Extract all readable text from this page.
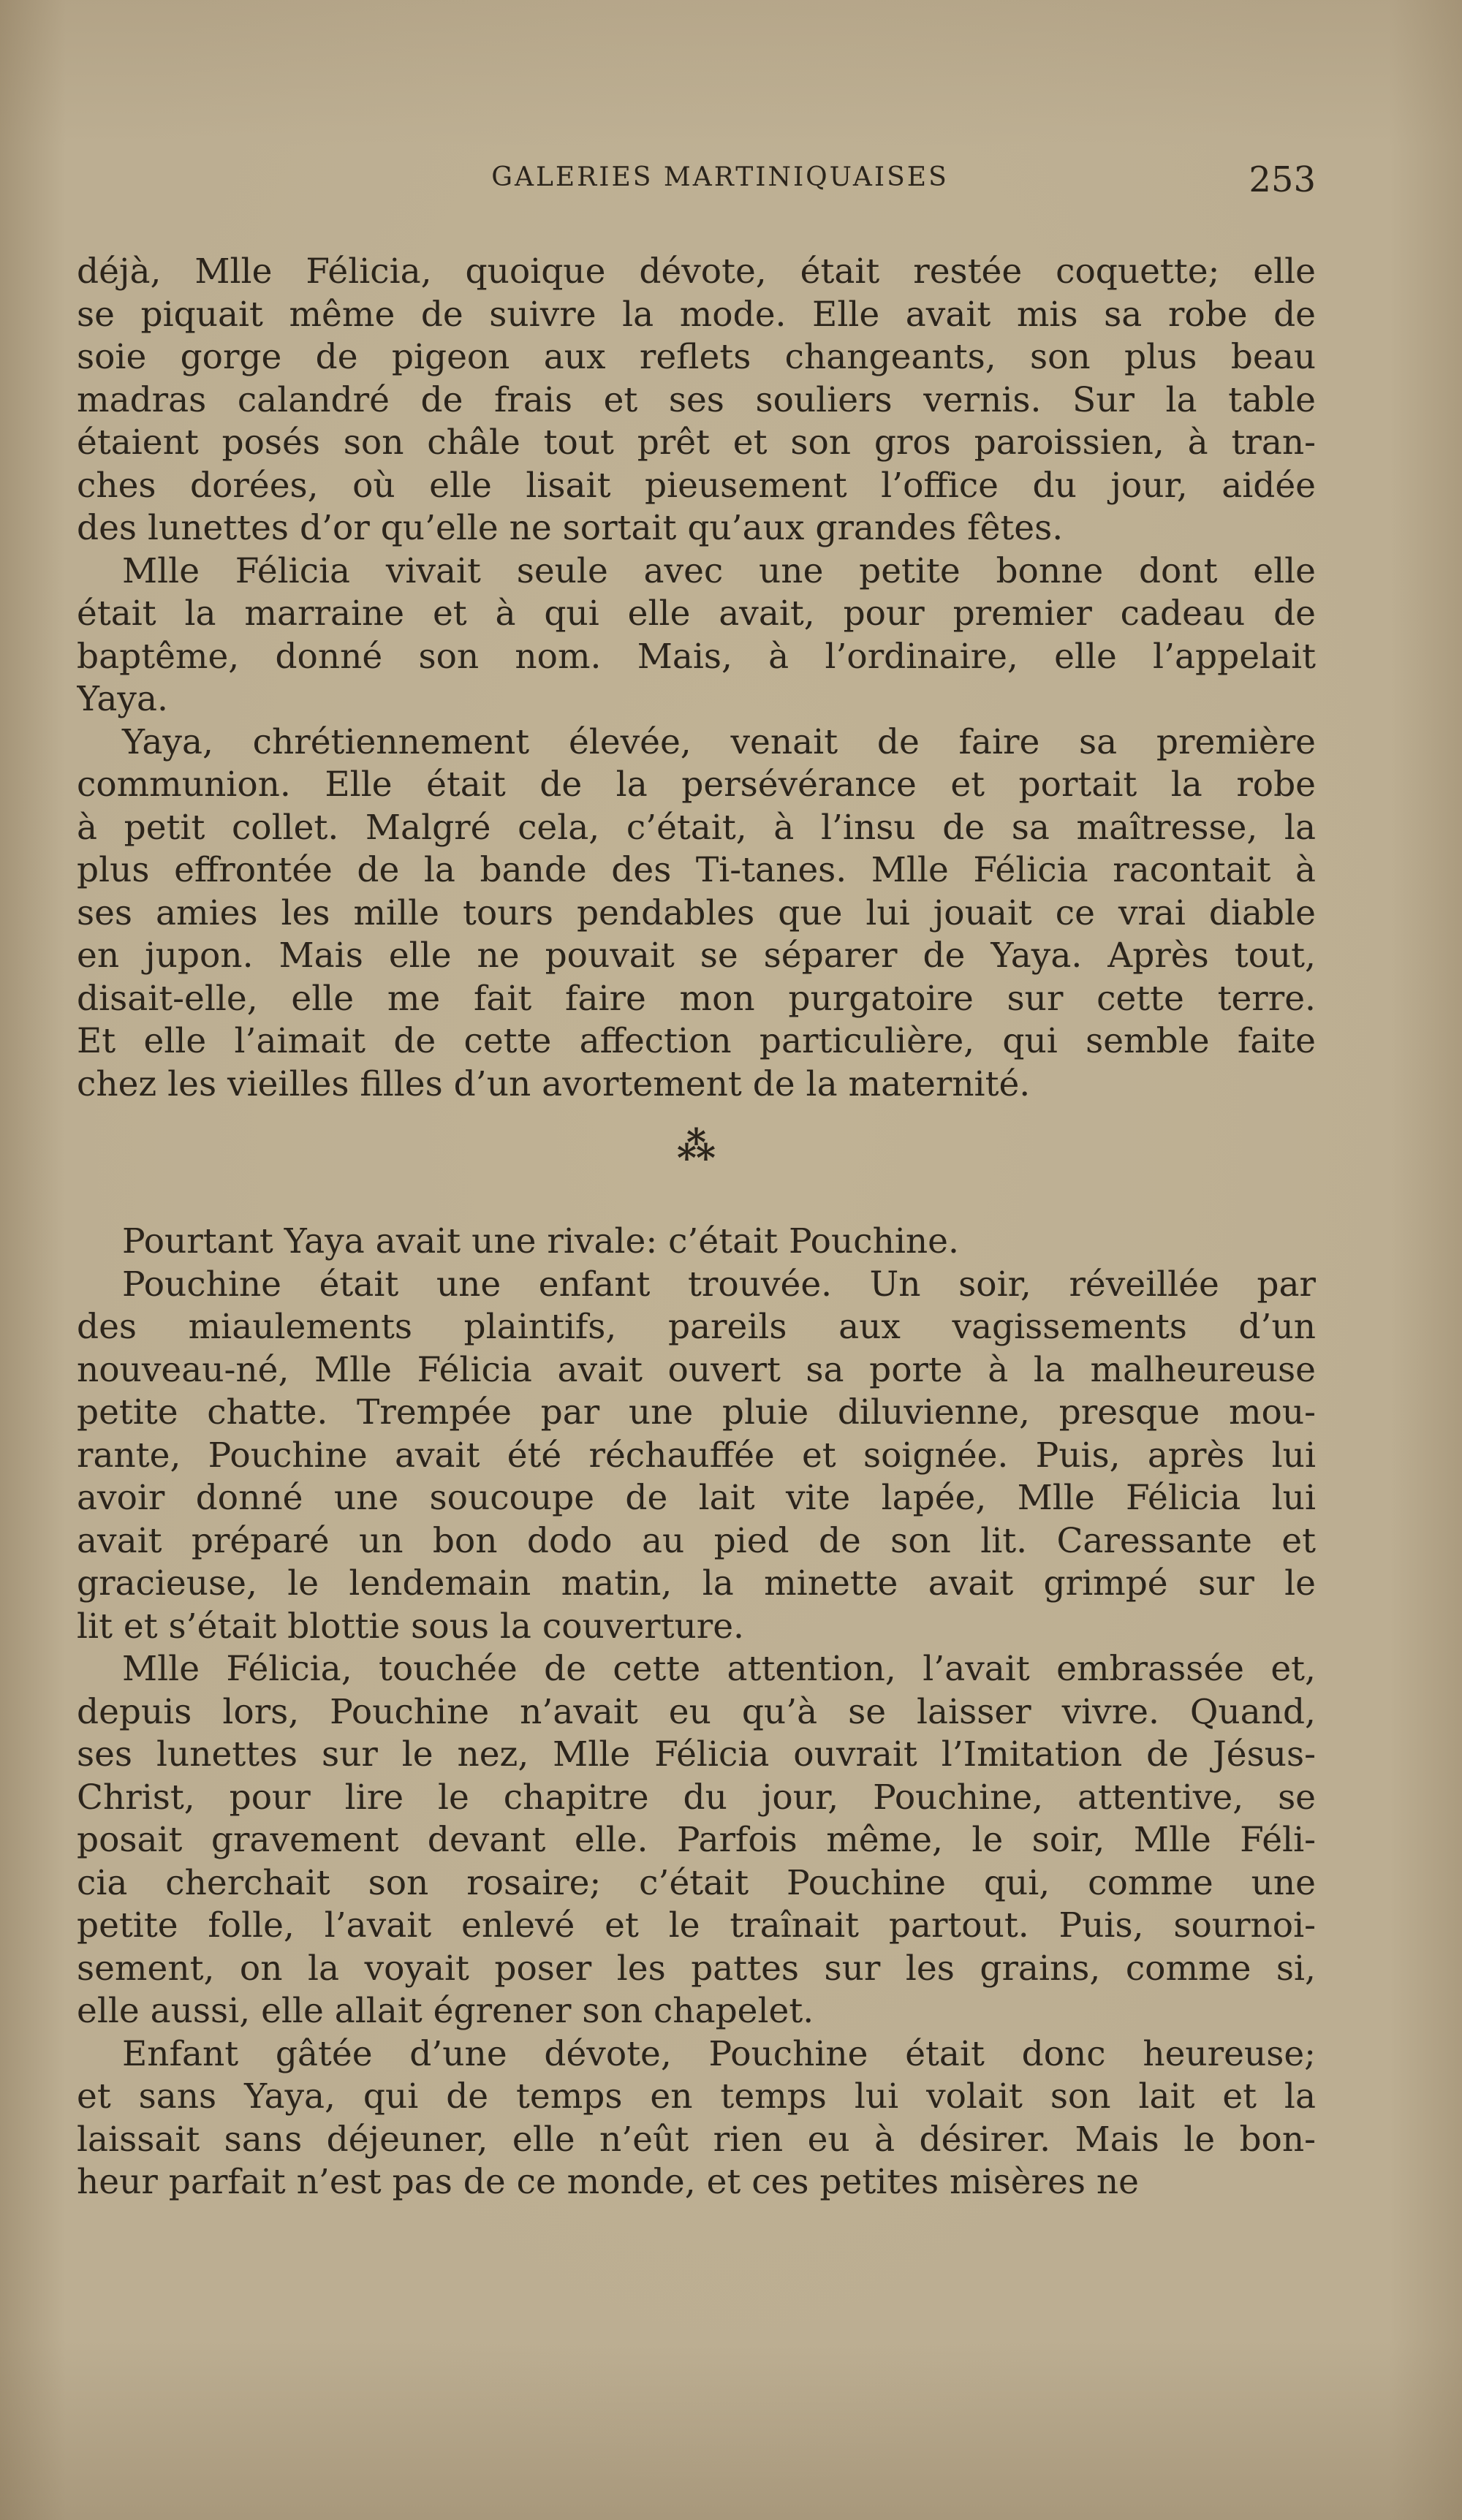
GALERIES MARTINIQUAISES	253
déjà, Mlle Félicia, quoique dévote, était restée coquette; elle
se piquait même de suivre la mode. Elle avait mis sa robe de
soie gorge de pigeon aux reflets changeants, son plus beau
madras calandré de frais et ses souliers vernis. Sur la table
étaient posés son châle tout prêt et son gros paroissien, à tran-
ches dorées, où elle lisait pieusement l’office du jour, aidée
des lunettes d’or qu’elle ne sortait qu’aux grandes fêtes.
Mlle Félicia vivait seule avec une petite bonne dont elle
était la marraine et à qui elle avait, pour premier cadeau de
baptême, donné son nom. Mais, à l’ordinaire, elle l’appelait
Yaya.
Yaya, chrétiennement élevée, venait de faire sa première
communion. Elle était de la persévérance et portait la robe
à petit collet. Malgré cela, c’était, à l’insu de sa maîtresse, la
plus effrontée de la bande des Ti-tanes. Mlle Félicia racontait à
ses amies les mille tours pendables que lui jouait ce vrai diable
en jupon. Mais elle ne pouvait se séparer de Yaya. Après tout,
disait-elle, elle me fait faire mon purgatoire sur cette terre.
Et elle l’aimait de cette affection particulière, qui semble faite
chez les vieilles filles d’un avortement de la maternité.
⁂
Pourtant Yaya avait une rivale: c’était Pouchine.
Pouchine était une enfant trouvée. Un soir, réveillée par
des miaulements plaintifs, pareils aux vagissements d’un
nouveau-né, Mlle Félicia avait ouvert sa porte à la malheureuse
petite chatte. Trempée par une pluie diluvienne, presque mou-
rante, Pouchine avait été réchauffée et soignée. Puis, après lui
avoir donné une soucoupe de lait vite lapée, Mlle Félicia lui
avait préparé un bon dodo au pied de son lit. Caressante et
gracieuse, le lendemain matin, la minette avait grimpé sur le
lit et s’était blottie sous la couverture.
Mlle Félicia, touchée de cette attention, l’avait embrassée et,
depuis lors, Pouchine n’avait eu qu’à se laisser vivre. Quand,
ses lunettes sur le nez, Mlle Félicia ouvrait l’Imitation de Jésus-
Christ, pour lire le chapitre du jour, Pouchine, attentive, se
posait gravement devant elle. Parfois même, le soir, Mlle Féli-
cia cherchait son rosaire; c’était Pouchine qui, comme une
petite folle, l’avait enlevé et le traînait partout. Puis, sournoi-
sement, on la voyait poser les pattes sur les grains, comme si,
elle aussi, elle allait égrener son chapelet.
Enfant gâtée d’une dévote, Pouchine était donc heureuse;
et sans Yaya, qui de temps en temps lui volait son lait et la
laissait sans déjeuner, elle n’eût rien eu à désirer. Mais le bon-
heur parfait n’est pas de ce monde, et ces petites misères ne
